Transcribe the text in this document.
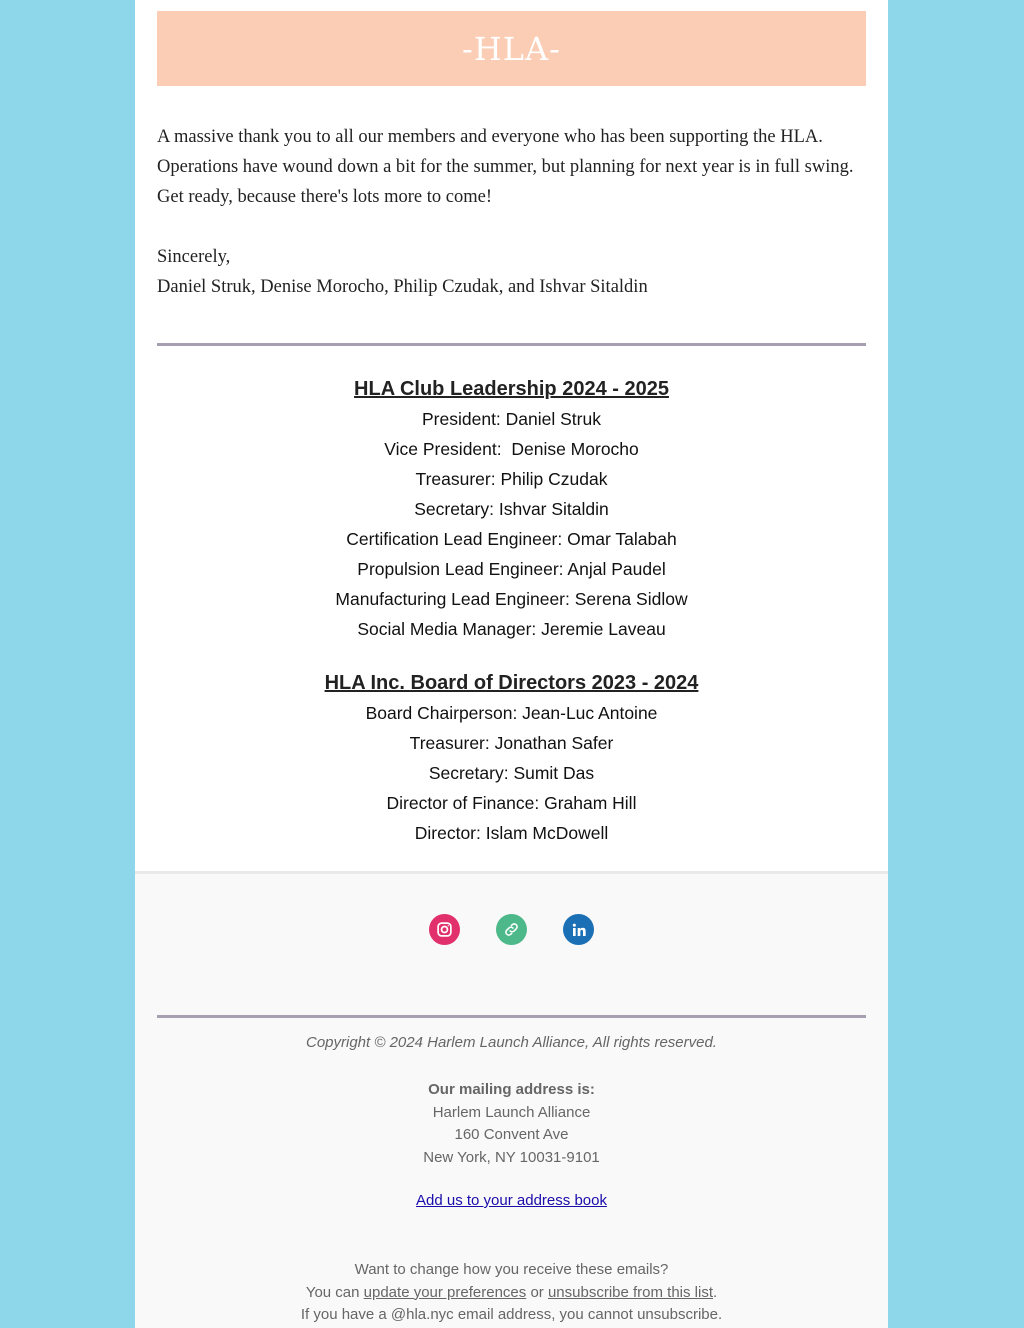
-HLA-

A massive thank you to all our members and everyone who has been supporting the HLA. Operations have wound down a bit for the summer, but planning for next year is in full swing. Get ready, because there's lots more to come!

Sincerely,

Daniel Struk, Denise Morocho, Philip Czudak, and Ishvar Sitaldin

HLA Club Leadership 2024 - 2025
President: Daniel Struk
Vice President:  Denise Morocho
Treasurer: Philip Czudak
Secretary: Ishvar Sitaldin
Certification Lead Engineer: Omar Talabah
Propulsion Lead Engineer: Anjal Paudel
Manufacturing Lead Engineer: Serena Sidlow
Social Media Manager: Jeremie Laveau
HLA Inc. Board of Directors 2023 - 2024
Board Chairperson: Jean-Luc Antoine
Treasurer: Jonathan Safer
Secretary: Sumit Das
Director of Finance: Graham Hill
Director: Islam McDowell
Copyright © 2024 Harlem Launch Alliance, All rights reserved.
Our mailing address is:
Harlem Launch Alliance
160 Convent Ave
New York, NY 10031-9101
Add us to your address book
Want to change how you receive these emails?
You can update your preferences or unsubscribe from this list.
If you have a @hla.nyc email address, you cannot unsubscribe.
